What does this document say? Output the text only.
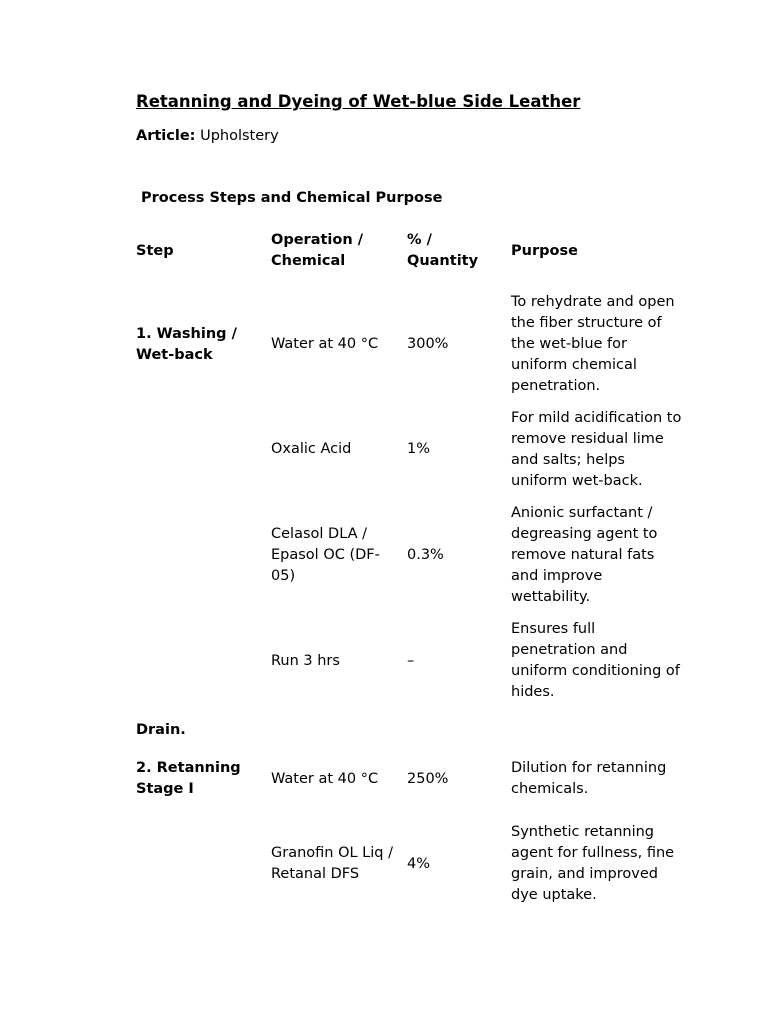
Retanning and Dyeing of Wet-blue Side Leather
Article: Upholstery
Process Steps and Chemical Purpose
Step	Operation / Chemical	% / Quantity	Purpose

1. Washing / Wet-back	Water at 40 °C	300%	To rehydrate and open the fiber structure of the wet-blue for uniform chemical penetration.
	Oxalic Acid	1%	For mild acidification to remove residual lime and salts; helps uniform wet-back.
	Celasol DLA / Epasol OC (DF-05)	0.3%	Anionic surfactant / degreasing agent to remove natural fats and improve wettability.
	Run 3 hrs	–	Ensures full penetration and uniform conditioning of hides.
Drain.			
2. Retanning Stage I	Water at 40 °C	250%	Dilution for retanning chemicals.
	Granofin OL Liq / Retanal DFS	4%	Synthetic retanning agent for fullness, fine grain, and improved dye uptake.
